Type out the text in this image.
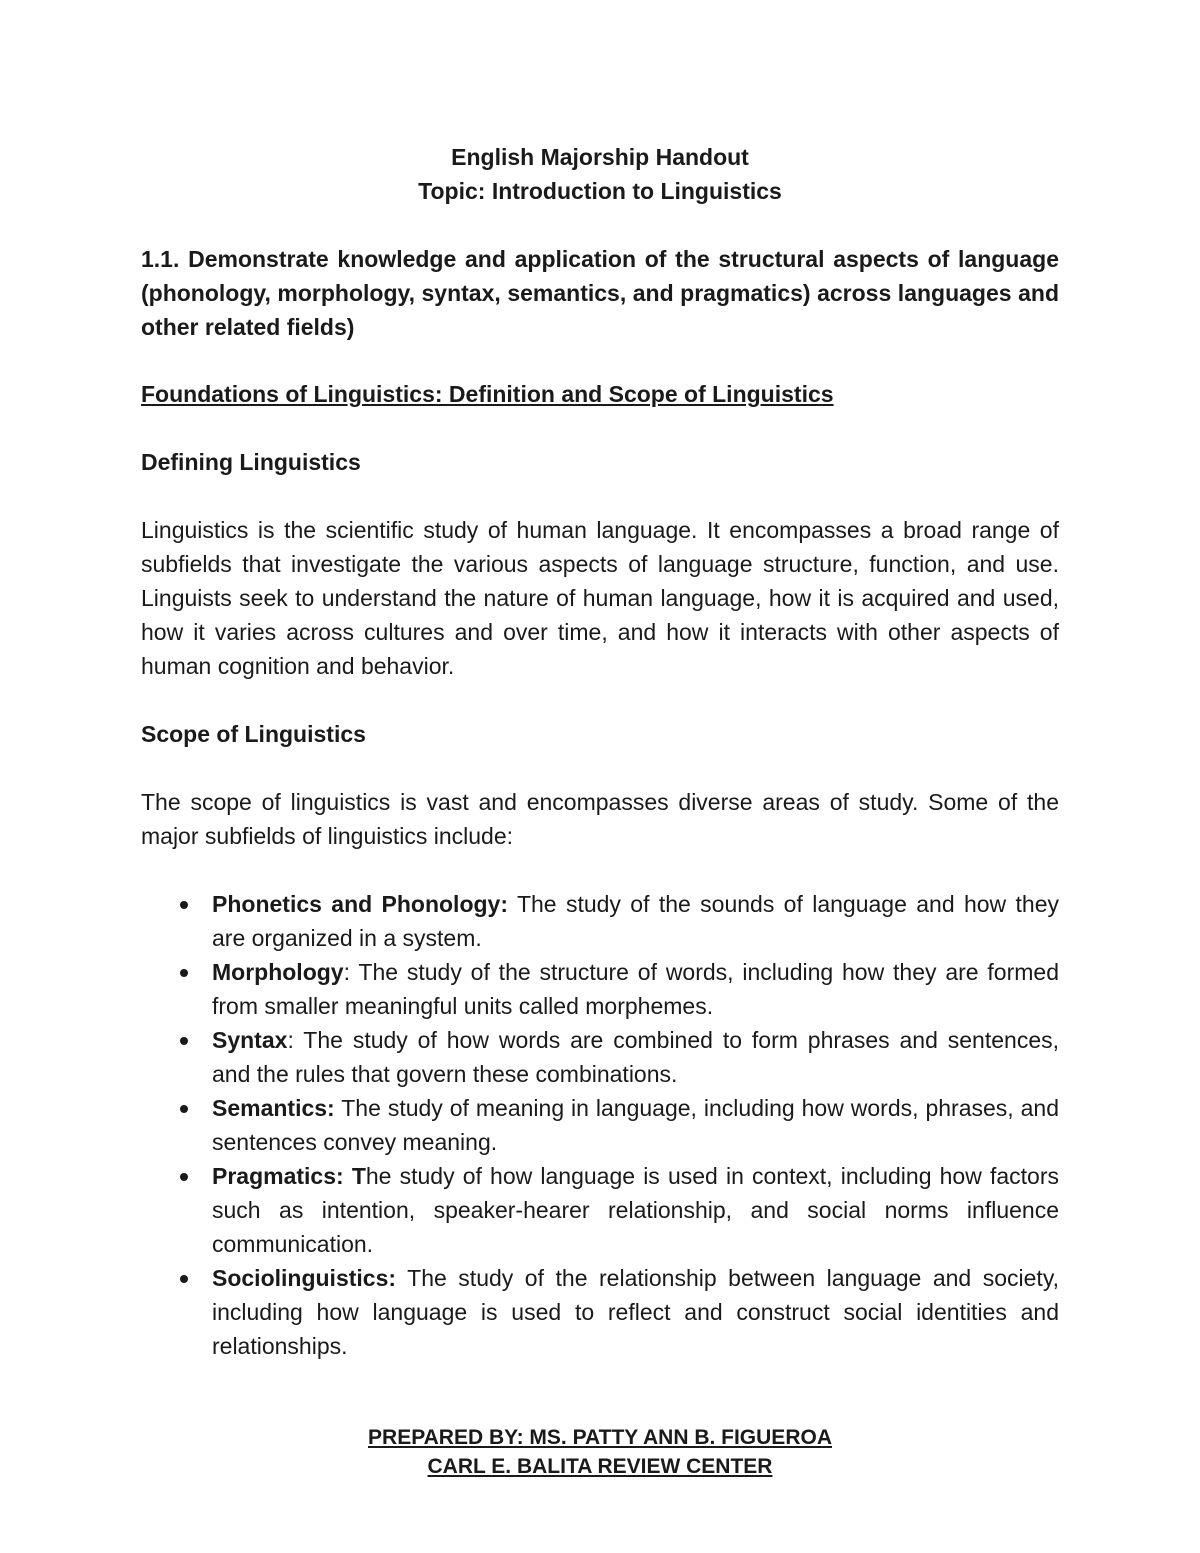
English Majorship Handout
Topic: Introduction to Linguistics
1.1. Demonstrate knowledge and application of the structural aspects of language (phonology, morphology, syntax, semantics, and pragmatics) across languages and other related fields)
Foundations of Linguistics: Definition and Scope of Linguistics
Defining Linguistics
Linguistics is the scientific study of human language. It encompasses a broad range of subfields that investigate the various aspects of language structure, function, and use. Linguists seek to understand the nature of human language, how it is acquired and used, how it varies across cultures and over time, and how it interacts with other aspects of human cognition and behavior.
Scope of Linguistics
The scope of linguistics is vast and encompasses diverse areas of study. Some of the major subfields of linguistics include:
Phonetics and Phonology: The study of the sounds of language and how they are organized in a system.
Morphology: The study of the structure of words, including how they are formed from smaller meaningful units called morphemes.
Syntax: The study of how words are combined to form phrases and sentences, and the rules that govern these combinations.
Semantics: The study of meaning in language, including how words, phrases, and sentences convey meaning.
Pragmatics: The study of how language is used in context, including how factors such as intention, speaker-hearer relationship, and social norms influence communication.
Sociolinguistics: The study of the relationship between language and society, including how language is used to reflect and construct social identities and relationships.
PREPARED BY: MS. PATTY ANN B. FIGUEROA
CARL E. BALITA REVIEW CENTER
